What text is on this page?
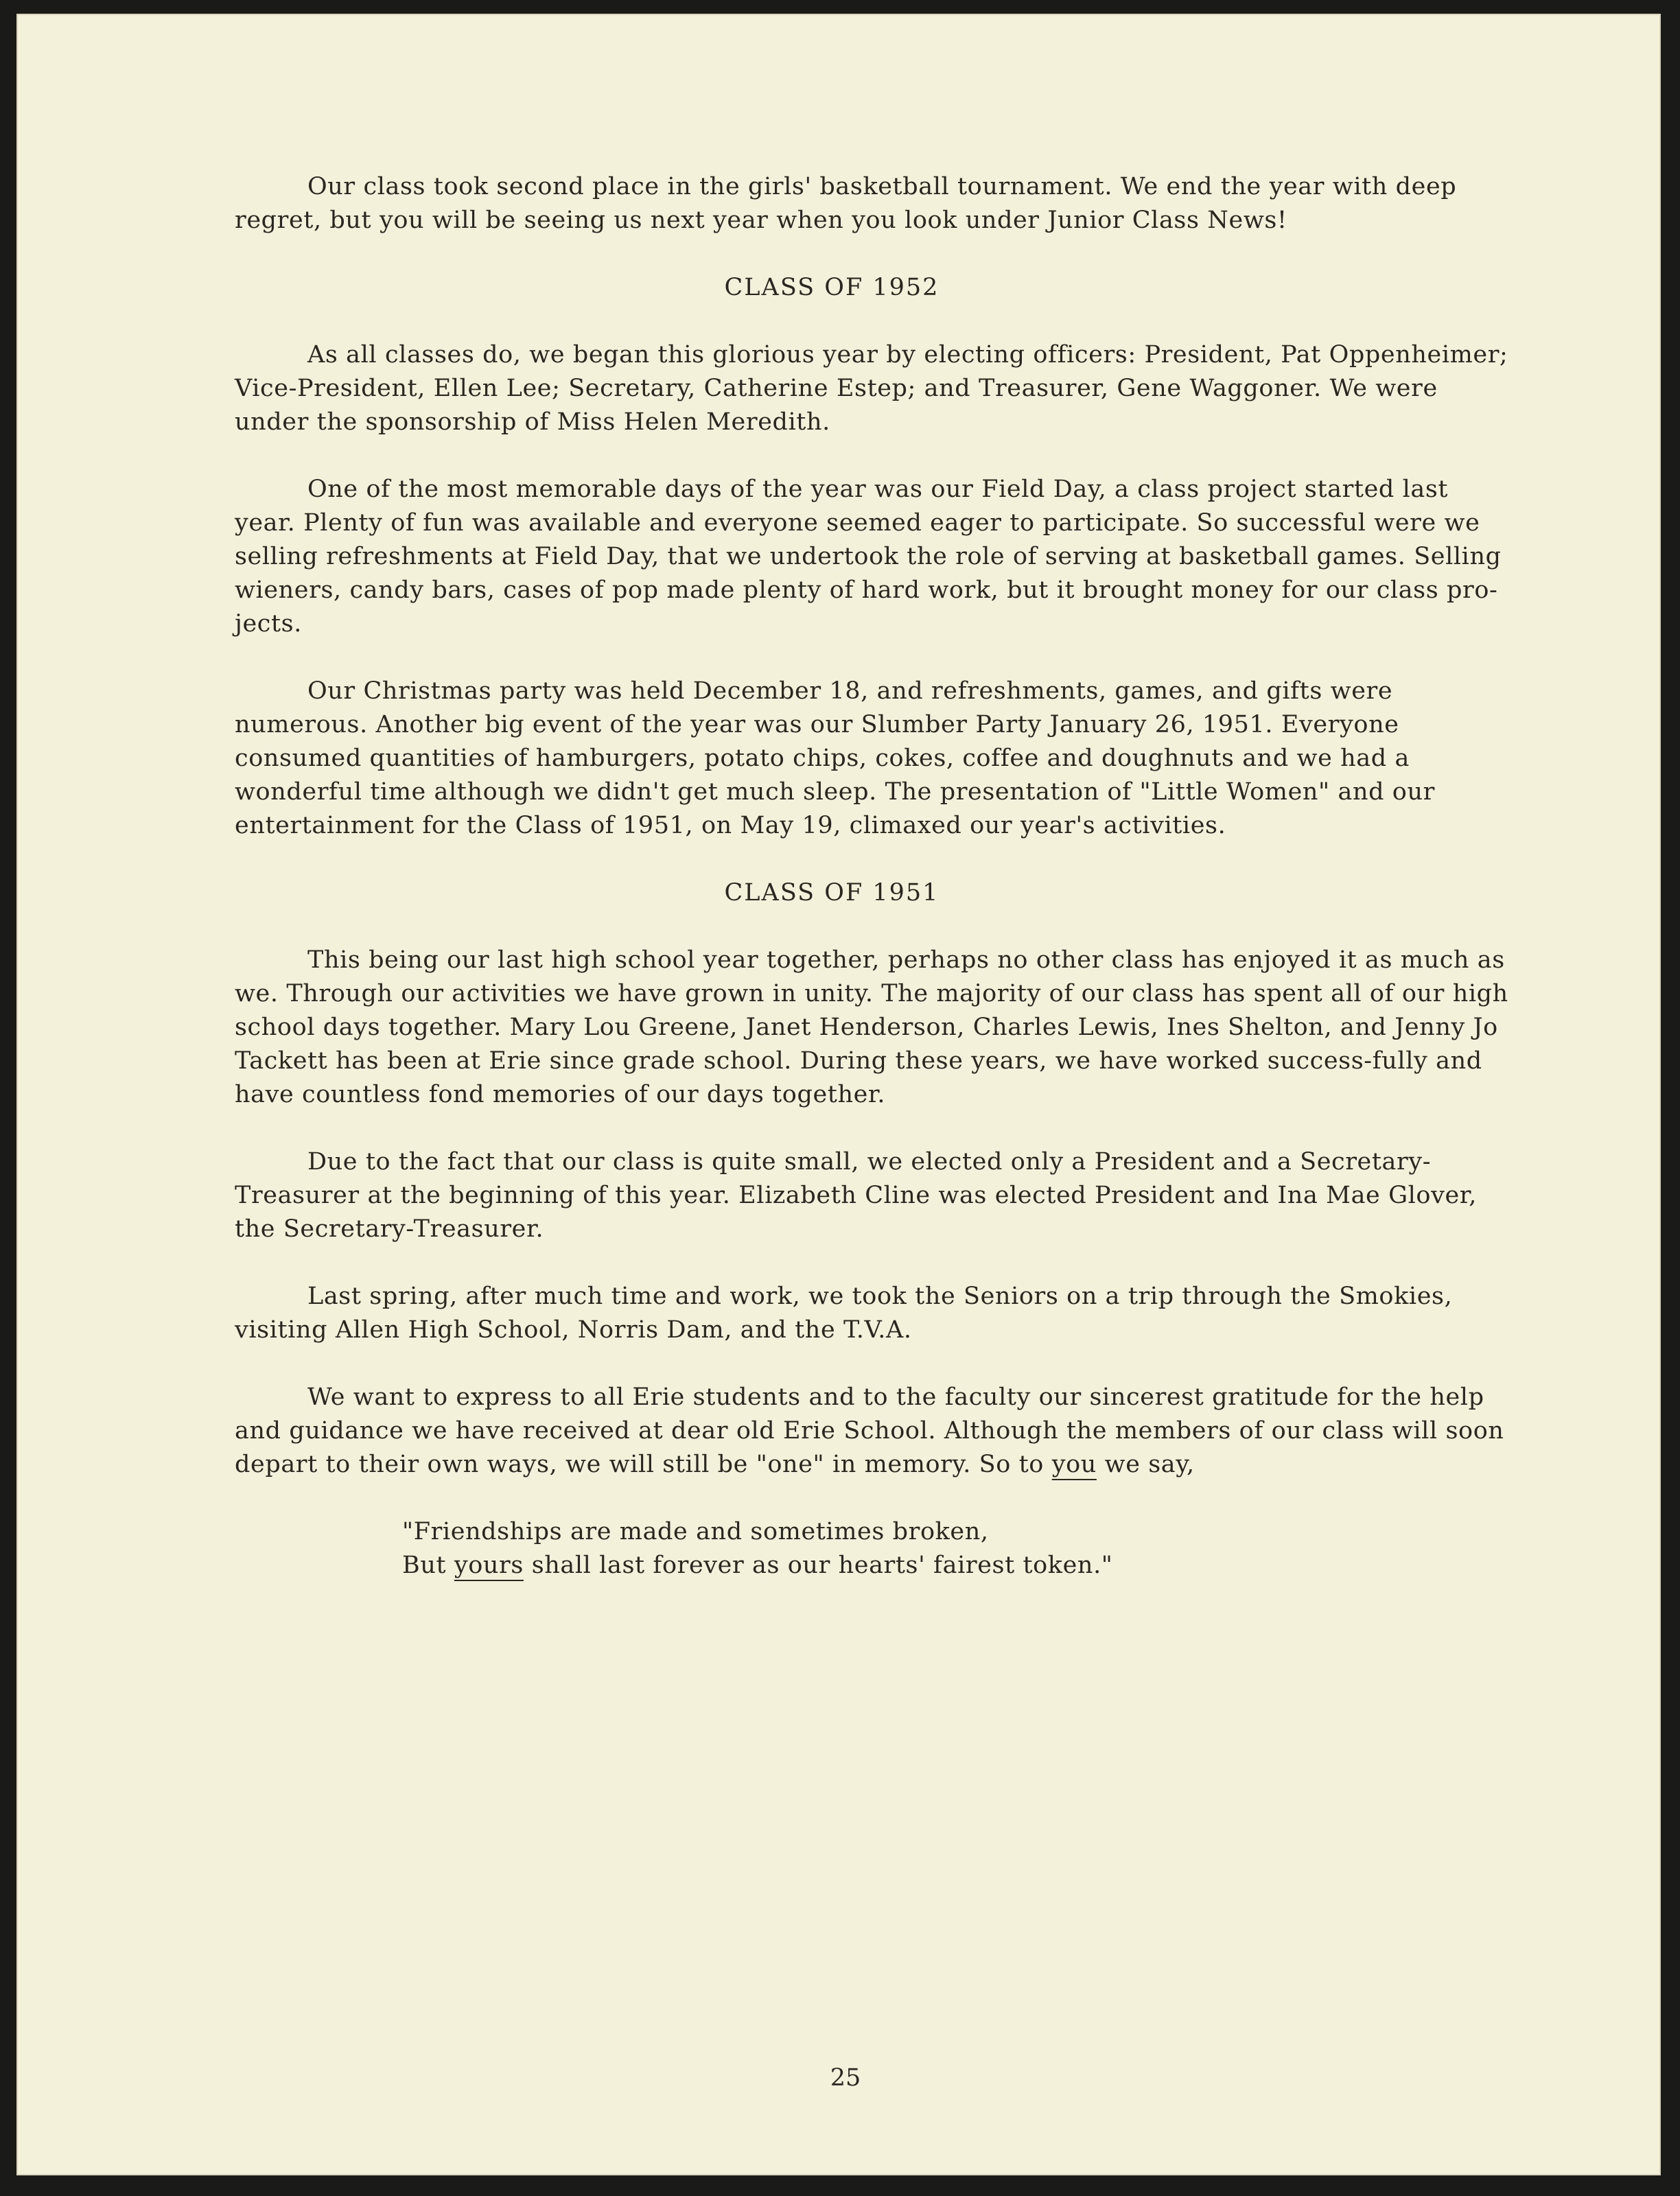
Our class took second place in the girls' basketball tournament. We end the year with deep regret, but you will be seeing us next year when you look under Junior Class News!

CLASS OF 1952

As all classes do, we began this glorious year by electing officers: President, Pat Oppenheimer; Vice-President, Ellen Lee; Secretary, Catherine Estep; and Treasurer, Gene Waggoner. We were under the sponsorship of Miss Helen Meredith.

One of the most memorable days of the year was our Field Day, a class project started last year. Plenty of fun was available and everyone seemed eager to participate. So successful were we selling refreshments at Field Day, that we undertook the role of serving at basketball games. Selling wieners, candy bars, cases of pop made plenty of hard work, but it brought money for our class pro-jects.

Our Christmas party was held December 18, and refreshments, games, and gifts were numerous. Another big event of the year was our Slumber Party January 26, 1951. Everyone consumed quantities of hamburgers, potato chips, cokes, coffee and doughnuts and we had a wonderful time although we didn't get much sleep. The presentation of "Little Women" and our entertainment for the Class of 1951, on May 19, climaxed our year's activities.

CLASS OF 1951

This being our last high school year together, perhaps no other class has enjoyed it as much as we. Through our activities we have grown in unity. The majority of our class has spent all of our high school days together. Mary Lou Greene, Janet Henderson, Charles Lewis, Ines Shelton, and Jenny Jo Tackett has been at Erie since grade school. During these years, we have worked success-fully and have countless fond memories of our days together.

Due to the fact that our class is quite small, we elected only a President and a Secretary-Treasurer at the beginning of this year. Elizabeth Cline was elected President and Ina Mae Glover, the Secretary-Treasurer.

Last spring, after much time and work, we took the Seniors on a trip through the Smokies, visiting Allen High School, Norris Dam, and the T.V.A.

We want to express to all Erie students and to the faculty our sincerest gratitude for the help and guidance we have received at dear old Erie School. Although the members of our class will soon depart to their own ways, we will still be "one" in memory. So to you we say,

"Friendships are made and sometimes broken,
But yours shall last forever as our hearts' fairest token."
25
